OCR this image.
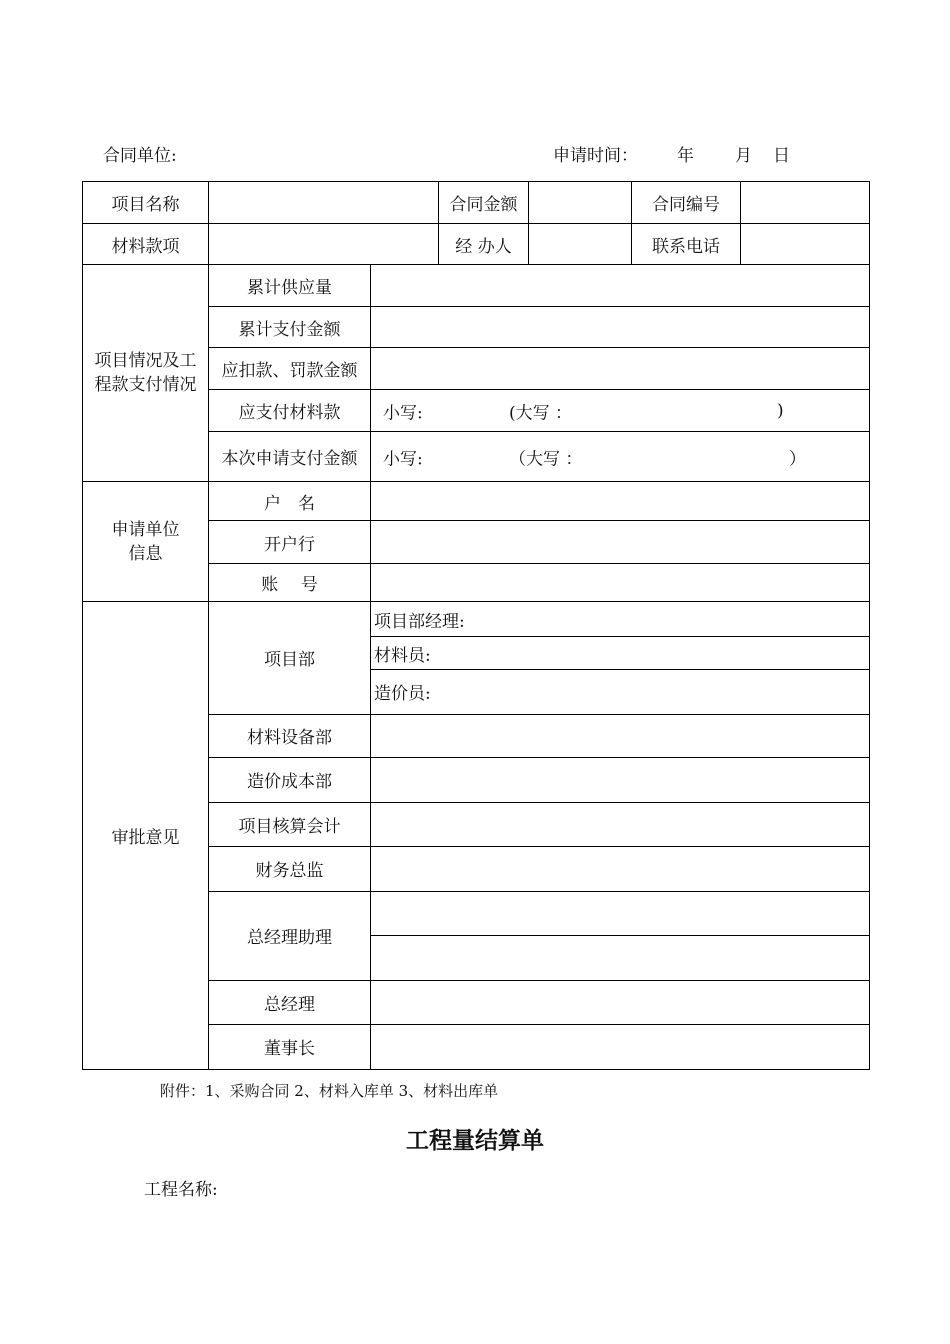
合同单位:	申请时间： 年 月 日
项目名称			合同金额		合同编号	
材料款项			经 办人		联系电话	

项目情况及工
程款支付情况	累计供应量					
	累计支付金额					
	应扣款、罚款金额					
	应支付材料款	小写: (大写 ： )				

	本次申请支付金额	小写: （大写 ： ）				

申请单位
信息	户　名					
	开户行					
	账　 号					
审批意见	项目部	项目部经理:				
		材料员:				
		造价员:				
	材料设备部					
	造价成本部					
	项目核算会计					
	财务总监					
	总经理助理					

	总经理					
	董事长					
附件：1、采购合同 2、材料入库单 3、材料出库单
工程量结算单
工程名称:
